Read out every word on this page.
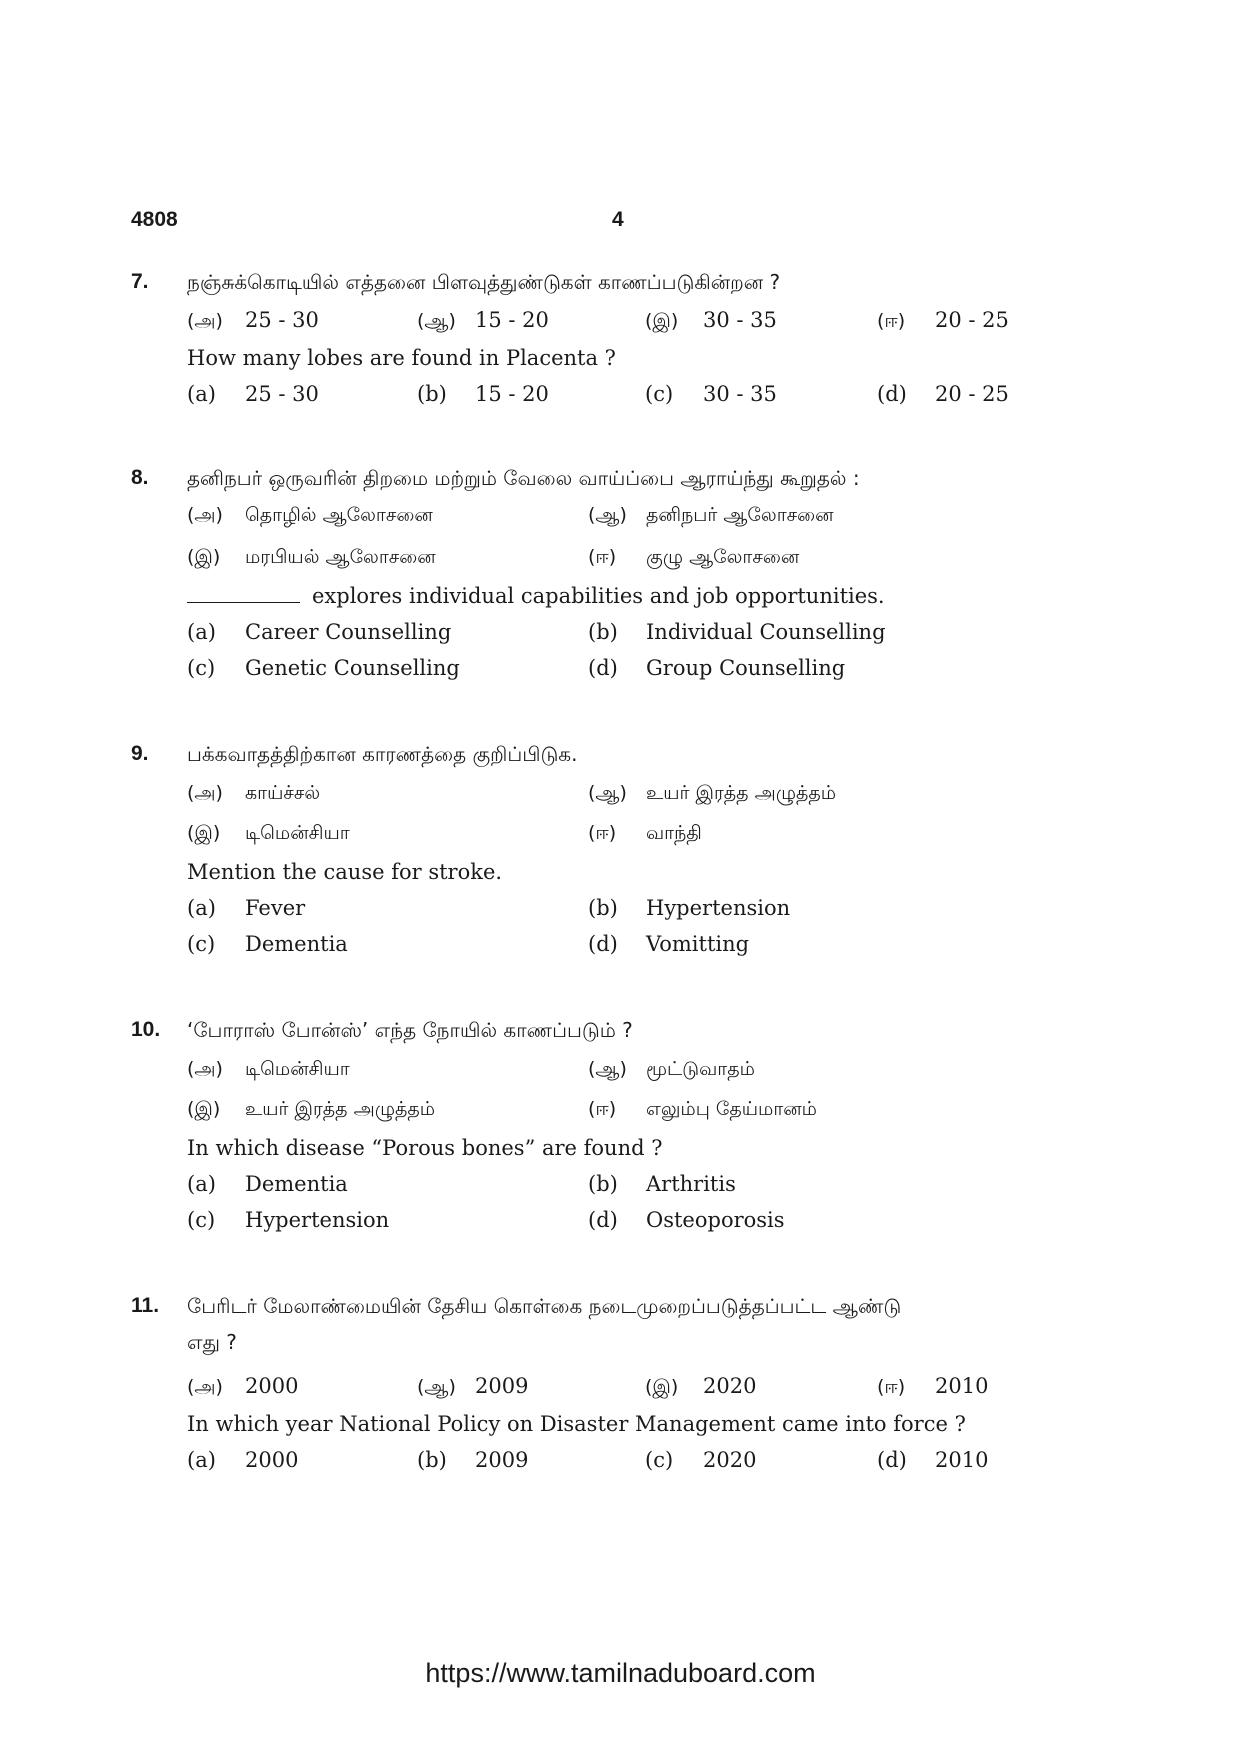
4808	4
7. நஞ்சுக்கொடியில் எத்தனை பிளவுத்துண்டுகள் காணப்படுகின்றன ?
(அ)	25 - 30	(ஆ) 15 - 20	(இ)	30 - 35	(ஈ)	20 - 25
How many lobes are found in Placenta ?
(a)	25 - 30	(b)	15 - 20	(c)	30 - 35	(d)	20 - 25
8. தனிநபர் ஒருவரின் திறமை மற்றும் வேலை வாய்ப்பை ஆராய்ந்து கூறுதல் :
(அ)	தொழில் ஆலோசனை	(ஆ)	தனிநபர் ஆலோசனை
(இ)	மரபியல் ஆலோசனை	(ஈ)	குழு ஆலோசனை
explores individual capabilities and job opportunities.
(a)	Career Counselling	(b)	Individual Counselling
(c)	Genetic Counselling	(d)	Group Counselling
9. பக்கவாதத்திற்கான காரணத்தை குறிப்பிடுக.
(அ)	காய்ச்சல்	(ஆ)	உயர் இரத்த அழுத்தம்
(இ)	டிமென்சியா	(ஈ)	வாந்தி
Mention the cause for stroke.
(a)	Fever	(b)	Hypertension
(c)	Dementia	(d)	Vomitting
10. ‘போராஸ் போன்ஸ்’ எந்த நோயில் காணப்படும் ?
(அ)	டிமென்சியா	(ஆ)	மூட்டுவாதம்
(இ)	உயர் இரத்த அழுத்தம்	(ஈ)	எலும்பு தேய்மானம்
In which disease “Porous bones” are found ?
(a)	Dementia	(b)	Arthritis
(c)	Hypertension	(d)	Osteoporosis
11. பேரிடர் மேலாண்மையின் தேசிய கொள்கை நடைமுறைப்படுத்தப்பட்ட ஆண்டு
எது ?
(அ)	2000	(ஆ) 2009	(இ)	2020	(ஈ)	2010
In which year National Policy on Disaster Management came into force ?
(a)	2000	(b)	2009	(c)	2020	(d)	2010
https://www.tamilnaduboard.com
